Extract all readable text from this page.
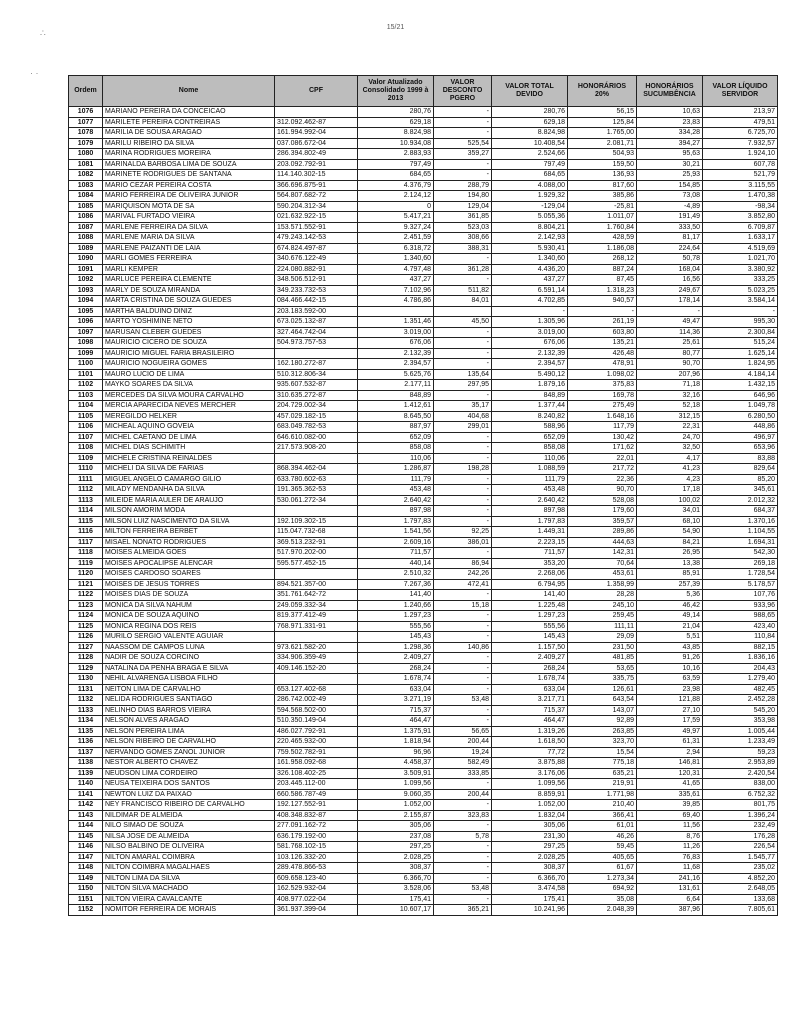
15/21
∴
· ·
Ordem	Nome	CPF	Valor Atualizado Consolidado 1999 à 2013	VALOR DESCONTO PGERO	VALOR TOTAL DEVIDO	HONORÁRIOS 20%	HONORÁRIOS SUCUMBÊNCIA	VALOR LÍQUIDO SERVIDOR
1076	MARIANO PEREIRA DA CONCEICAO		280,76	-	280,76	56,15	10,63	213,97
1077	MARILETE PEREIRA CONTREIRAS	312.092.462-87	629,18	-	629,18	125,84	23,83	479,51
1078	MARILIA DE SOUSA ARAGAO	161.994.992-04	8.824,98	-	8.824,98	1.765,00	334,28	6.725,70
1079	MARILU RIBEIRO DA SILVA	037.086.672-04	10.934,08	525,54	10.408,54	2.081,71	394,27	7.932,57
1080	MARINA RODRIGUES MOREIRA	286.394.802-49	2.883,93	359,27	2.524,66	504,93	95,63	1.924,10
1081	MARINALDA BARBOSA LIMA DE SOUZA	203.092.792-91	797,49	-	797,49	159,50	30,21	607,78
1082	MARINETE RODRIGUES DE SANTANA	114.140.302-15	684,65	-	684,65	136,93	25,93	521,79
1083	MARIO CEZAR PEREIRA COSTA	366.696.875-91	4.376,79	288,79	4.088,00	817,60	154,85	3.115,55
1084	MARIO FERREIRA DE OLIVEIRA JUNIOR	564.807.682-72	2.124,12	194,80	1.929,32	385,86	73,08	1.470,38
1085	MARIQUISON MOTA DE SA	590.204.312-34	0	129,04	-129,04	-25,81	-4,89	-98,34
1086	MARIVAL FURTADO VIEIRA	021.632.922-15	5.417,21	361,85	5.055,36	1.011,07	191,49	3.852,80
1087	MARLENE FERREIRA DA SILVA	153.571.552-91	9.327,24	523,03	8.804,21	1.760,84	333,50	6.709,87
1088	MARLENE MARIA DA SILVA	479.243.142-53	2.451,59	308,66	2.142,93	428,59	81,17	1.633,17
1089	MARLENE PAIZANTI DE LAIA	674.824.497-87	6.318,72	388,31	5.930,41	1.186,08	224,64	4.519,69
1090	MARLI GOMES FERREIRA	340.676.122-49	1.340,60	-	1.340,60	268,12	50,78	1.021,70
1091	MARLI KEMPER	224.080.882-91	4.797,48	361,28	4.436,20	887,24	168,04	3.380,92
1092	MARLUCE PEREIRA CLEMENTE	348.506.512-91	437,27	-	437,27	87,45	16,56	333,25
1093	MARLY DE SOUZA MIRANDA	349.233.732-53	7.102,96	511,82	6.591,14	1.318,23	249,67	5.023,25
1094	MARTA CRISTINA DE SOUZA GUEDES	084.466.442-15	4.786,86	84,01	4.702,85	940,57	178,14	3.584,14
1095	MARTHA BALDUINO DINIZ	203.183.592-00			-	-	-	-
1096	MARTO YOSHIMINE NETO	673.025.132-87	1.351,46	45,50	1.305,96	261,19	49,47	995,30
1097	MARUSAN CLEBER GUEDES	327.464.742-04	3.019,00	-	3.019,00	603,80	114,36	2.300,84
1098	MAURICIO CICERO DE SOUZA	504.973.757-53	676,06	-	676,06	135,21	25,61	515,24
1099	MAURICIO MIGUEL FARIA BRASILEIRO		2.132,39	-	2.132,39	426,48	80,77	1.625,14
1100	MAURICIO NOGUEIRA GOMES	162.180.272-87	2.394,57	-	2.394,57	478,91	90,70	1.824,95
1101	MAURO LUCIO DE LIMA	510.312.806-34	5.625,76	135,64	5.490,12	1.098,02	207,96	4.184,14
1102	MAYKO SOARES DA SILVA	935.607.532-87	2.177,11	297,95	1.879,16	375,83	71,18	1.432,15
1103	MERCEDES DA SILVA MOURA CARVALHO	310.635.272-87	848,89	-	848,89	169,78	32,16	646,96
1104	MERCIA APARECIDA NEVES MERCHER	204.729.002-34	1.412,61	35,17	1.377,44	275,49	52,18	1.049,78
1105	MEREGILDO HELKER	457.029.182-15	8.645,50	404,68	8.240,82	1.648,16	312,15	6.280,50
1106	MICHEAL AQUINO GOVEIA	683.049.782-53	887,97	299,01	588,96	117,79	22,31	448,86
1107	MICHEL CAETANO DE LIMA	646.610.082-00	652,09	-	652,09	130,42	24,70	496,97
1108	MICHEL DIAS SCHIMITH	217.573.908-20	858,08	-	858,08	171,62	32,50	653,96
1109	MICHELE CRISTINA REINALDES		110,06	-	110,06	22,01	4,17	83,88
1110	MICHELI DA SILVA DE FARIAS	868.394.462-04	1.286,87	198,28	1.088,59	217,72	41,23	829,64
1111	MIGUEL ANGELO CAMARGO GILIO	633.780.602-63	111,79	-	111,79	22,36	4,23	85,20
1112	MILADY MENDANHA DA SILVA	191.365.362-53	453,48	-	453,48	90,70	17,18	345,61
1113	MILEIDE MARIA AULER DE ARAUJO	530.061.272-34	2.640,42	-	2.640,42	528,08	100,02	2.012,32
1114	MILSON AMORIM MODA		897,98	-	897,98	179,60	34,01	684,37
1115	MILSON LUIZ NASCIMENTO DA SILVA	192.109.302-15	1.797,83	-	1.797,83	359,57	68,10	1.370,16
1116	MILTON FERREIRA BERBET	115.047.732-68	1.541,56	92,25	1.449,31	289,86	54,90	1.104,55
1117	MISAEL NONATO RODRIGUES	369.513.232-91	2.609,16	386,01	2.223,15	444,63	84,21	1.694,31
1118	MOISES ALMEIDA GOES	517.970.202-00	711,57	-	711,57	142,31	26,95	542,30
1119	MOISES APOCALIPSE ALENCAR	595.577.452-15	440,14	86,94	353,20	70,64	13,38	269,18
1120	MOISES CARDOSO SOARES		2.510,32	242,26	2.268,06	453,61	85,91	1.728,54
1121	MOISES DE JESUS TORRES	894.521.357-00	7.267,36	472,41	6.794,95	1.358,99	257,39	5.178,57
1122	MOISES DIAS DE SOUZA	351.761.642-72	141,40	-	141,40	28,28	5,36	107,76
1123	MONICA DA SILVA NAHUM	249.059.332-34	1.240,66	15,18	1.225,48	245,10	46,42	933,96
1124	MONICA DE SOUZA AQUINO	819.377.412-49	1.297,23	-	1.297,23	259,45	49,14	988,65
1125	MONICA REGINA DOS REIS	768.971.331-91	555,56	-	555,56	111,11	21,04	423,40
1126	MURILO SERGIO VALENTE AGUIAR		145,43	-	145,43	29,09	5,51	110,84
1127	NAASSOM DE CAMPOS LUNA	973.621.582-20	1.298,36	140,86	1.157,50	231,50	43,85	882,15
1128	NADIR DE SOUZA CORCINO	334.906.359-49	2.409,27	-	2.409,27	481,85	91,26	1.836,16
1129	NATALINA DA PENHA BRAGA E SILVA	409.146.152-20	268,24	-	268,24	53,65	10,16	204,43
1130	NEHIL ALVARENGA LISBOA FILHO		1.678,74	-	1.678,74	335,75	63,59	1.279,40
1131	NEITON LIMA DE CARVALHO	653.127.402-68	633,04	-	633,04	126,61	23,98	482,45
1132	NELIDA RODRIGUES SANTIAGO	286.742.002-49	3.271,19	53,48	3.217,71	643,54	121,88	2.452,28
1133	NELINHO DIAS BARROS VIEIRA	594.568.502-00	715,37	-	715,37	143,07	27,10	545,20
1134	NELSON ALVES ARAGAO	510.350.149-04	464,47	-	464,47	92,89	17,59	353,98
1135	NELSON PEREIRA LIMA	486.027.792-91	1.375,91	56,65	1.319,26	263,85	49,97	1.005,44
1136	NELSON RIBEIRO DE CARVALHO	220.465.932-00	1.818,94	200,44	1.618,50	323,70	61,31	1.233,49
1137	NERVANDO GOMES ZANOL JUNIOR	759.502.782-91	96,96	19,24	77,72	15,54	2,94	59,23
1138	NESTOR ALBERTO CHAVEZ	161.958.092-68	4.458,37	582,49	3.875,88	775,18	146,81	2.953,89
1139	NEUDSON LIMA CORDEIRO	326.108.402-25	3.509,91	333,85	3.176,06	635,21	120,31	2.420,54
1140	NEUSA TEIXEIRA DOS SANTOS	203.445.112-00	1.099,56	-	1.099,56	219,91	41,65	838,00
1141	NEWTON LUIZ DA PAIXAO	660.586.787-49	9.060,35	200,44	8.859,91	1.771,98	335,61	6.752,32
1142	NEY FRANCISCO RIBEIRO DE CARVALHO	192.127.552-91	1.052,00	-	1.052,00	210,40	39,85	801,75
1143	NILDIMAR DE ALMEIDA	408.348.832-87	2.155,87	323,83	1.832,04	366,41	69,40	1.396,24
1144	NILO SIMAO DE SOUZA	277.091.162-72	305,06	-	305,06	61,01	11,56	232,49
1145	NILSA JOSE DE ALMEIDA	636.179.192-00	237,08	5,78	231,30	46,26	8,76	176,28
1146	NILSO BALBINO DE OLIVEIRA	581.768.102-15	297,25	-	297,25	59,45	11,26	226,54
1147	NILTON AMARAL COIMBRA	103.126.332-20	2.028,25	-	2.028,25	405,65	76,83	1.545,77
1148	NILTON COIMBRA MAGALHAES	289.478.866-53	308,37	-	308,37	61,67	11,68	235,02
1149	NILTON LIMA DA SILVA	609.658.123-40	6.366,70	-	6.366,70	1.273,34	241,16	4.852,20
1150	NILTON SILVA MACHADO	162.529.932-04	3.528,06	53,48	3.474,58	694,92	131,61	2.648,05
1151	NILTON VIEIRA CAVALCANTE	408.977.022-04	175,41	-	175,41	35,08	6,64	133,68
1152	NOMITOR FERREIRA DE MORAIS	361.937.399-04	10.607,17	365,21	10.241,96	2.048,39	387,96	7.805,61
